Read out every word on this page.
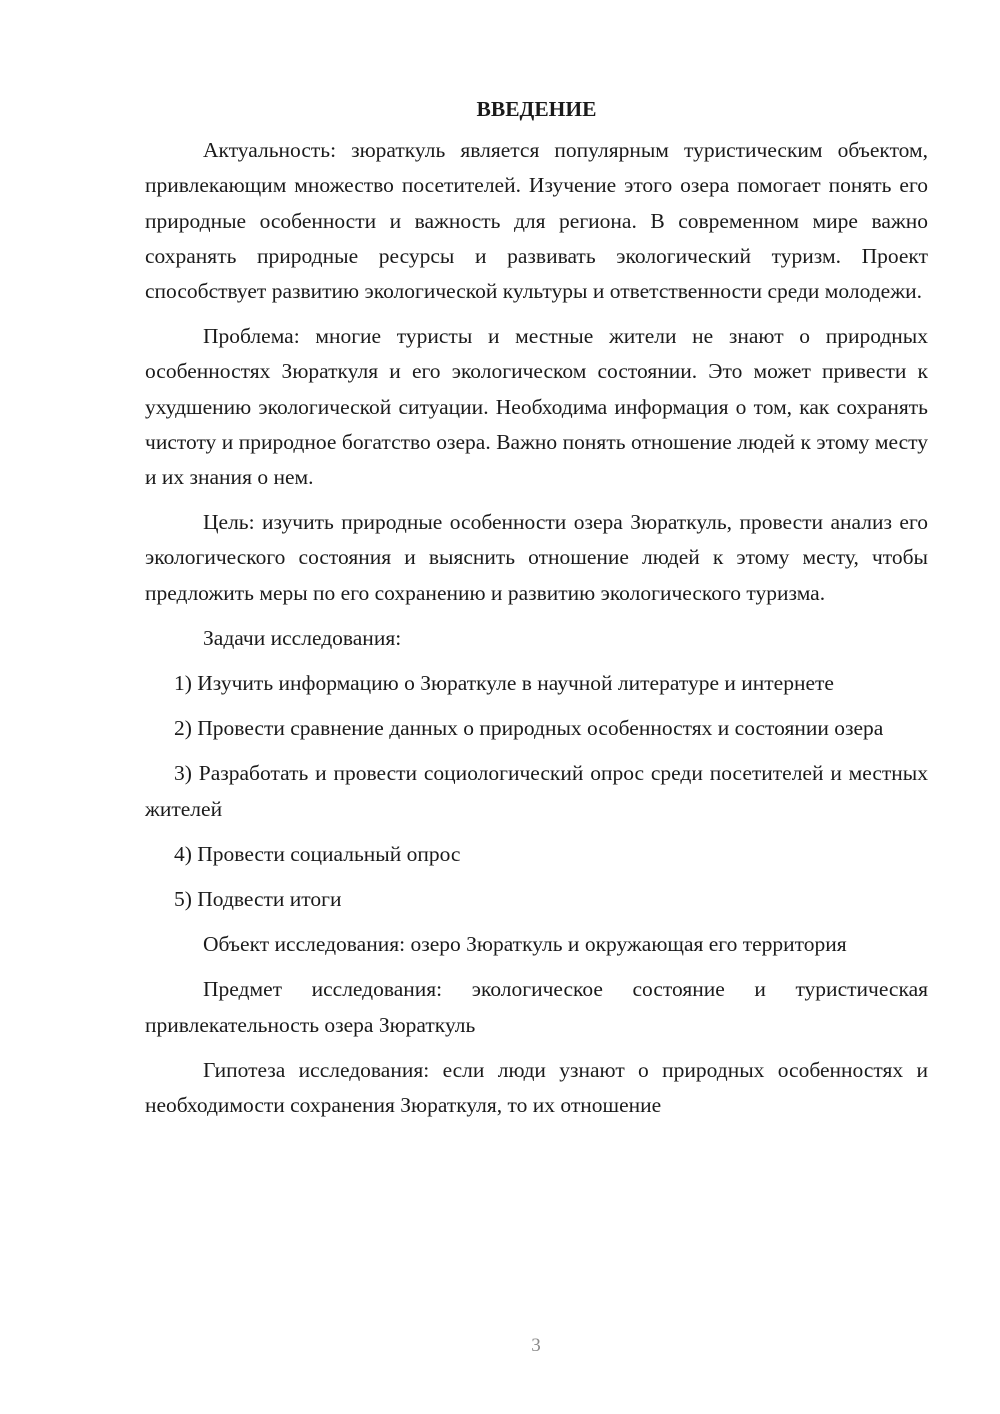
ВВЕДЕНИЕ

Актуальность: зюраткуль является популярным туристическим объектом, привлекающим множество посетителей. Изучение этого озера помогает понять его природные особенности и важность для региона. В современном мире важно сохранять природные ресурсы и развивать экологический туризм. Проект способствует развитию экологической культуры и ответственности среди молодежи.

Проблема: многие туристы и местные жители не знают о природных особенностях Зюраткуля и его экологическом состоянии. Это может привести к ухудшению экологической ситуации. Необходима информация о том, как сохранять чистоту и природное богатство озера. Важно понять отношение людей к этому месту и их знания о нем.

Цель: изучить природные особенности озера Зюраткуль, провести анализ его экологического состояния и выяснить отношение людей к этому месту, чтобы предложить меры по его сохранению и развитию экологического туризма.

Задачи исследования:

1) Изучить информацию о Зюраткуле в научной литературе и интернете

2) Провести сравнение данных о природных особенностях и состоянии озера

3) Разработать и провести социологический опрос среди посетителей и местных жителей

4) Провести социальный опрос

5) Подвести итоги

Объект исследования: озеро Зюраткуль и окружающая его территория

Предмет исследования: экологическое состояние и туристическая привлекательность озера Зюраткуль

Гипотеза исследования: если люди узнают о природных особенностях и необходимости сохранения Зюраткуля, то их отношение

3
